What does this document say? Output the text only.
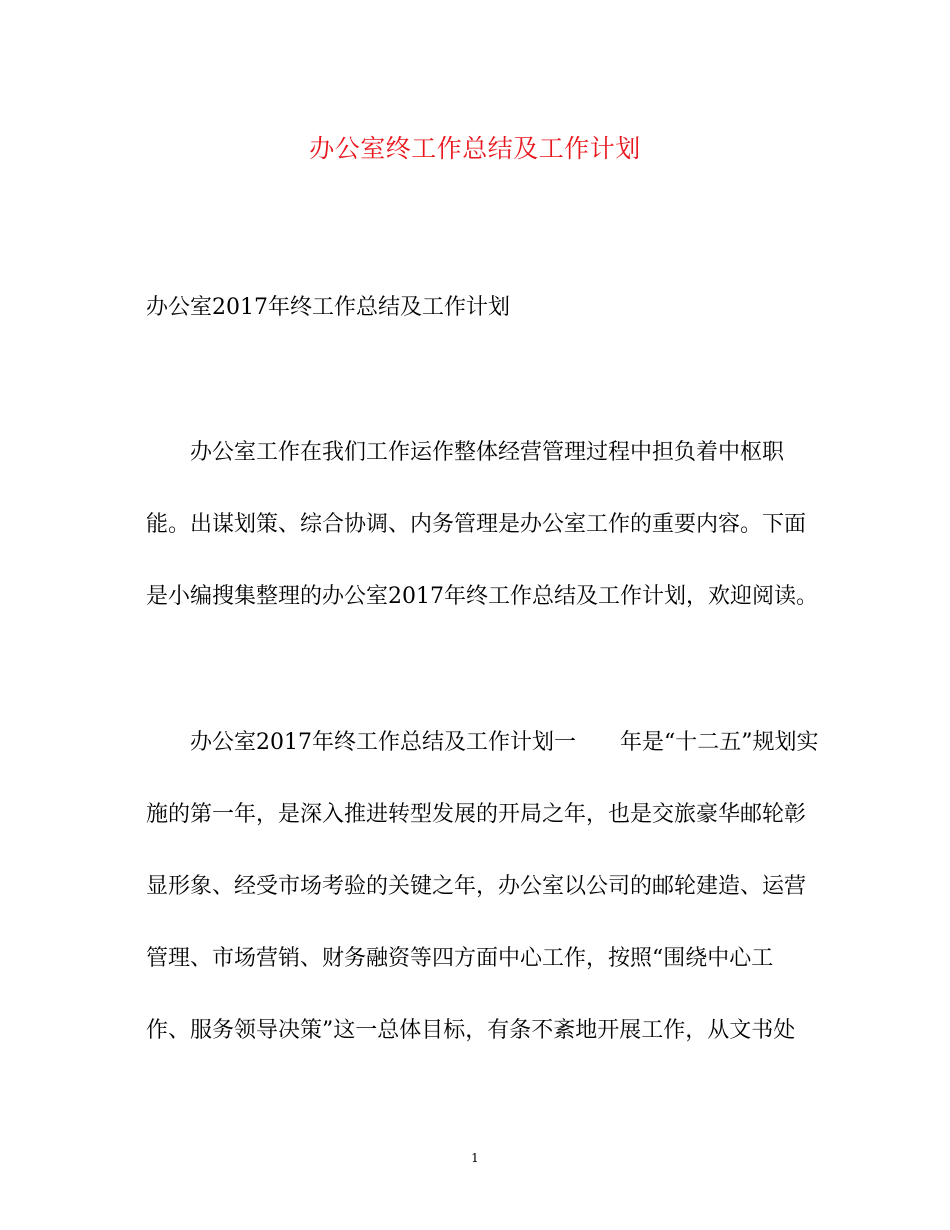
办公室终工作总结及工作计划
办公室2017年终工作总结及工作计划
办公室工作在我们工作运作整体经营管理过程中担负着中枢职
能。出谋划策、综合协调、内务管理是办公室工作的重要内容。下面
是小编搜集整理的办公室2017年终工作总结及工作计划，欢迎阅读。
办公室2017年终工作总结及工作计划一　　年是“十二五”规划实
施的第一年，是深入推进转型发展的开局之年，也是交旅豪华邮轮彰
显形象、经受市场考验的关键之年，办公室以公司的邮轮建造、运营
管理、市场营销、财务融资等四方面中心工作，按照“围绕中心工
作、服务领导决策”这一总体目标，有条不紊地开展工作，从文书处
1
